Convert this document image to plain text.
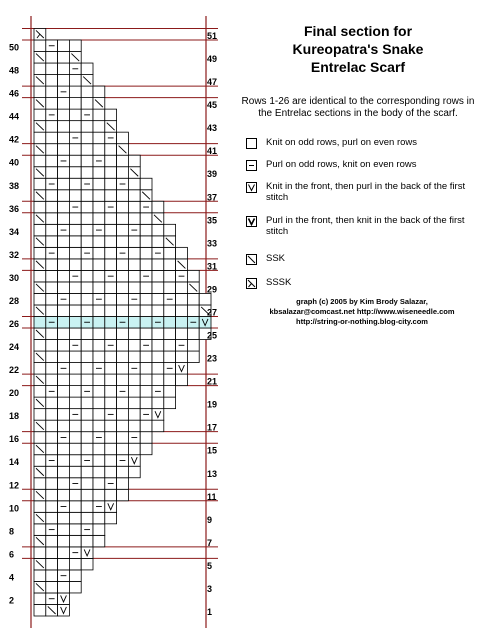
2
4
6
8
10
12
14
16
18
20
22
24
26
28
30
32
34
36
38
40
42
44
46
48
50
1
3
5
7
9
11
13
15
17
19
21
23
25
27
29
31
33
35
37
39
41
43
45
47
49
51	Final section for
Kureopatra's Snake
Entrelac Scarf
Rows 1-26 are identical to the corresponding rows in the Entrelac sections in the body of the scarf.
Knit on odd rows, purl on even rows
Purl on odd rows, knit on even rows
Knit in the front, then purl in the back of the first stitch
Purl in the front, then knit in the back of the first stitch
SSK
SSSK
graph (c) 2005 by Kim Brody Salazar,
kbsalazar@comcast.net http://www.wiseneedle.com
http://string-or-nothing.blog-city.com
